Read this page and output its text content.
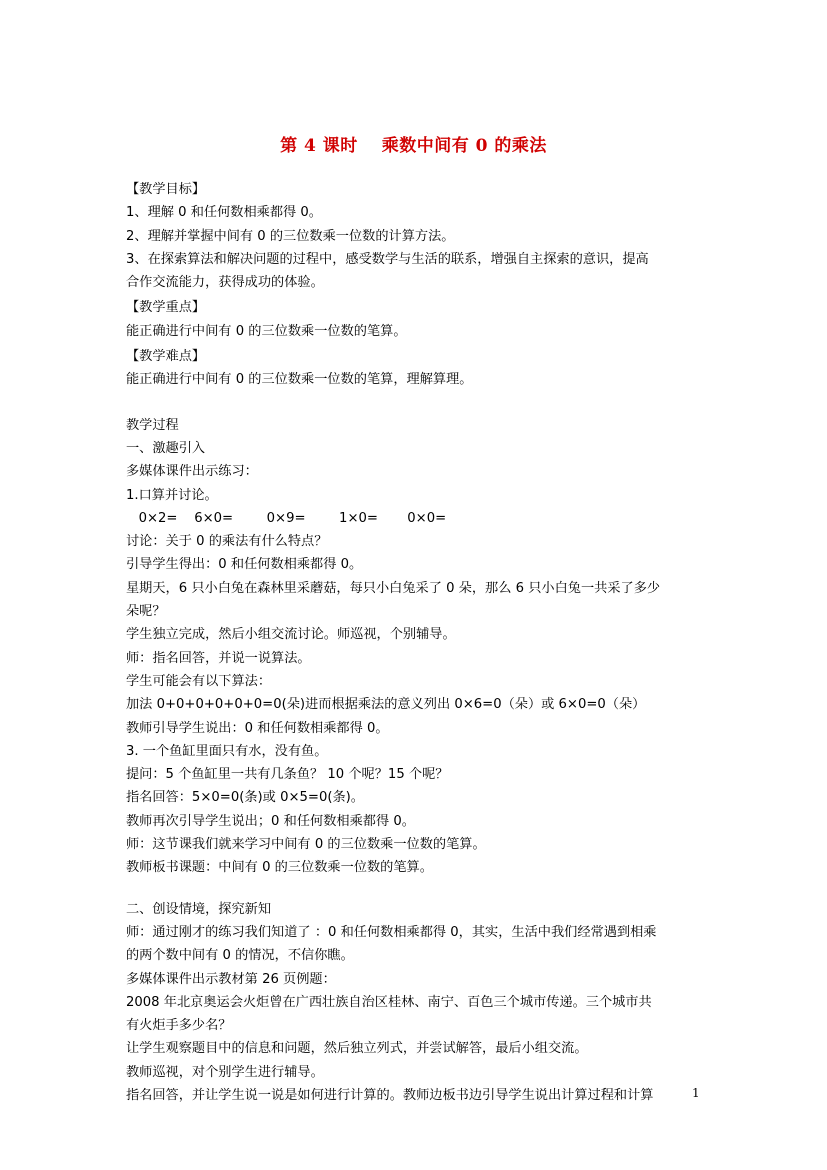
第 4 课时　 乘数中间有 0 的乘法
【教学目标】
1、理解 0 和任何数相乘都得 0。
2、理解并掌握中间有 0 的三位数乘一位数的计算方法。
3、在探索算法和解决问题的过程中，感受数学与生活的联系，增强自主探索的意识，提高
合作交流能力，获得成功的体验。
【教学重点】
能正确进行中间有 0 的三位数乘一位数的笔算。
【教学难点】
能正确进行中间有 0 的三位数乘一位数的笔算，理解算理。
教学过程
一、激趣引入
多媒体课件出示练习：
1.口算并讨论。
0×2=    6×0=        0×9=        1×0=       0×0=
讨论：关于 0 的乘法有什么特点？
引导学生得出：0 和任何数相乘都得 0。
星期天，6 只小白兔在森林里采蘑菇，每只小白兔采了 0 朵，那么 6 只小白兔一共采了多少
朵呢？
学生独立完成，然后小组交流讨论。师巡视，个别辅导。
师：指名回答，并说一说算法。
学生可能会有以下算法：
加法 0+0+0+0+0+0=0(朵)进而根据乘法的意义列出 0×6=0（朵）或 6×0=0（朵）
教师引导学生说出：0 和任何数相乘都得 0。
3. 一个鱼缸里面只有水，没有鱼。
提问：5 个鱼缸里一共有几条鱼？ 10 个呢？15 个呢？
指名回答：5×0=0(条)或 0×5=0(条)。
教师再次引导学生说出；0 和任何数相乘都得 0。
师：这节课我们就来学习中间有 0 的三位数乘一位数的笔算。
教师板书课题：中间有 0 的三位数乘一位数的笔算。
二、创设情境，探究新知
师：通过刚才的练习我们知道了 ：0 和任何数相乘都得 0，其实，生活中我们经常遇到相乘
的两个数中间有 0 的情况，不信你瞧。
多媒体课件出示教材第 26 页例题：
2008 年北京奥运会火炬曾在广西壮族自治区桂林、南宁、百色三个城市传递。三个城市共
有火炬手多少名？
让学生观察题目中的信息和问题，然后独立列式，并尝试解答，最后小组交流。
教师巡视，对个别学生进行辅导。
指名回答，并让学生说一说是如何进行计算的。教师边板书边引导学生说出计算过程和计算	1
